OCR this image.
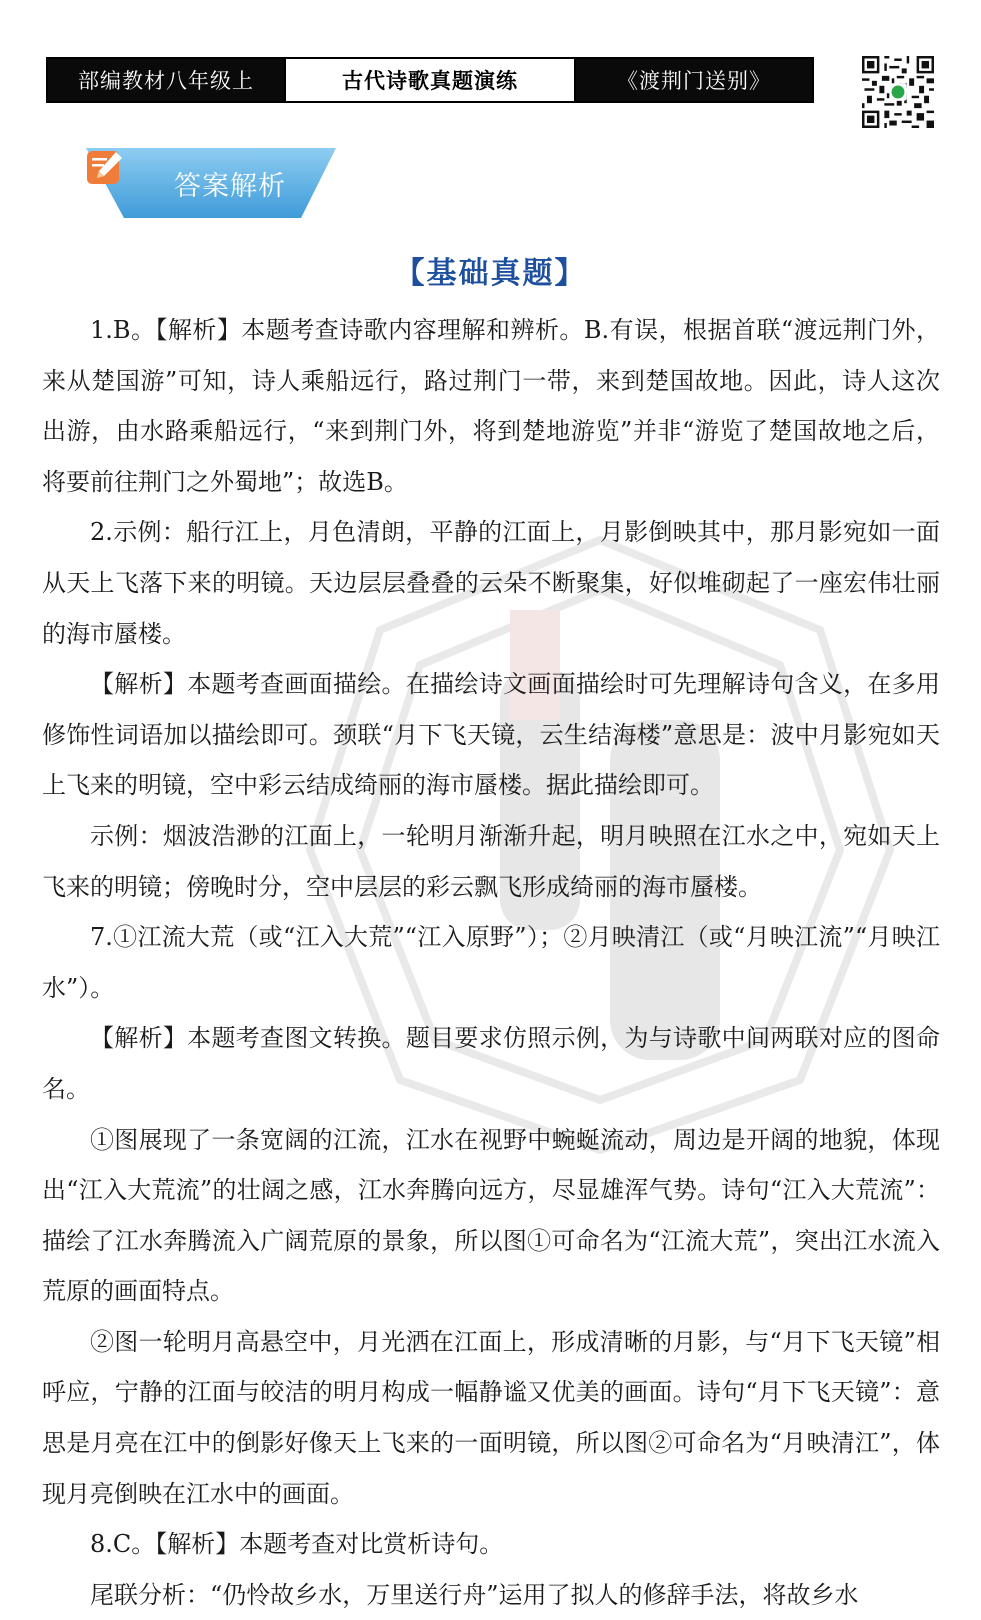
部编教材八年级上	古代诗歌真题演练	《渡荆门送别》
答案解析
【基础真题】

1.B。【解析】本题考查诗歌内容理解和辨析。B.有误，根据首联“渡远荆门外，来从楚国游”可知，诗人乘船远行，路过荆门一带，来到楚国故地。因此，诗人这次出游，由水路乘船远行，“来到荆门外，将到楚地游览”并非“游览了楚国故地之后，将要前往荆门之外蜀地”；故选B。

2.示例：船行江上，月色清朗，平静的江面上，月影倒映其中，那月影宛如一面从天上飞落下来的明镜。天边层层叠叠的云朵不断聚集，好似堆砌起了一座宏伟壮丽的海市蜃楼。

【解析】本题考查画面描绘。在描绘诗文画面描绘时可先理解诗句含义，在多用修饰性词语加以描绘即可。颈联“月下飞天镜，云生结海楼”意思是：波中月影宛如天上飞来的明镜，空中彩云结成绮丽的海市蜃楼。据此描绘即可。

示例：烟波浩渺的江面上，一轮明月渐渐升起，明月映照在江水之中，宛如天上飞来的明镜；傍晚时分，空中层层的彩云飘飞形成绮丽的海市蜃楼。

7.①江流大荒（或“江入大荒”“江入原野”）；②月映清江（或“月映江流”“月映江水”）。

【解析】本题考查图文转换。题目要求仿照示例，为与诗歌中间两联对应的图命名。

①图展现了一条宽阔的江流，江水在视野中蜿蜒流动，周边是开阔的地貌，体现出“江入大荒流”的壮阔之感，江水奔腾向远方，尽显雄浑气势。诗句“江入大荒流”：描绘了江水奔腾流入广阔荒原的景象，所以图①可命名为“江流大荒”，突出江水流入荒原的画面特点。

②图一轮明月高悬空中，月光洒在江面上，形成清晰的月影，与“月下飞天镜”相呼应，宁静的江面与皎洁的明月构成一幅静谧又优美的画面。诗句“月下飞天镜”：意思是月亮在江中的倒影好像天上飞来的一面明镜，所以图②可命名为“月映清江”，体现月亮倒映在江水中的画面。

8.C。【解析】本题考查对比赏析诗句。

尾联分析：“仍怜故乡水，万里送行舟”运用了拟人的修辞手法，将故乡水
